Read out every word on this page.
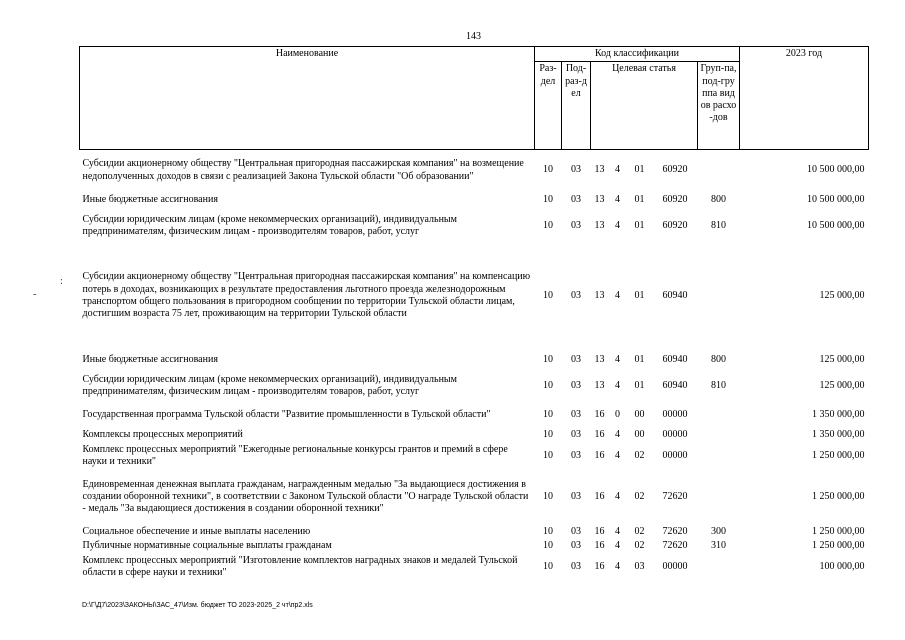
143
:
-
Наименование	Код классификации							2023 год
	Раз-дел	Под-раз-дел	Целевая статья				Груп-па, под-группа видов расхо-дов	
Субсидии акционерному обществу "Центральная пригородная пассажирская компания" на возмещение недополученных доходов в связи с реализацией Закона Тульской области "Об образовании"	10	03	13	4	01	60920		10 500 000,00
Иные бюджетные ассигнования	10	03	13	4	01	60920	800	10 500 000,00
Субсидии юридическим лицам (кроме некоммерческих организаций), индивидуальным предпринимателям, физическим лицам - производителям товаров, работ, услуг	10	03	13	4	01	60920	810	10 500 000,00
Субсидии акционерному обществу "Центральная пригородная пассажирская компания" на компенсацию потерь в доходах, возникающих в результате предоставления льготного проезда железнодорожным транспортом общего пользования в пригородном сообщении по территории Тульской области лицам, достигшим возраста 75 лет, проживающим на территории Тульской области	10	03	13	4	01	60940		125 000,00
Иные бюджетные ассигнования	10	03	13	4	01	60940	800	125 000,00
Субсидии юридическим лицам (кроме некоммерческих организаций), индивидуальным предпринимателям, физическим лицам - производителям товаров, работ, услуг	10	03	13	4	01	60940	810	125 000,00
Государственная программа Тульской области "Развитие промышленности в Тульской области"	10	03	16	0	00	00000		1 350 000,00
Комплексы процессных мероприятий	10	03	16	4	00	00000		1 350 000,00
Комплекс процессных мероприятий "Ежегодные региональные конкурсы грантов и премий в сфере науки и техники"	10	03	16	4	02	00000		1 250 000,00
Единовременная денежная выплата гражданам, награжденным медалью "За выдающиеся достижения в создании оборонной техники", в соответствии с Законом Тульской области "О награде Тульской области - медаль "За выдающиеся достижения в создании оборонной техники"	10	03	16	4	02	72620		1 250 000,00
Социальное обеспечение и иные выплаты населению	10	03	16	4	02	72620	300	1 250 000,00
Публичные нормативные социальные выплаты гражданам	10	03	16	4	02	72620	310	1 250 000,00
Комплекс процессных мероприятий "Изготовление комплектов наградных знаков и медалей Тульской области в сфере науки и техники"	10	03	16	4	03	00000		100 000,00
D:\Г\Д7\2023\ЗАКОНЫ\ЗАС_47\Изм. бюджет ТО 2023-2025_2 чт\пр2.xls
